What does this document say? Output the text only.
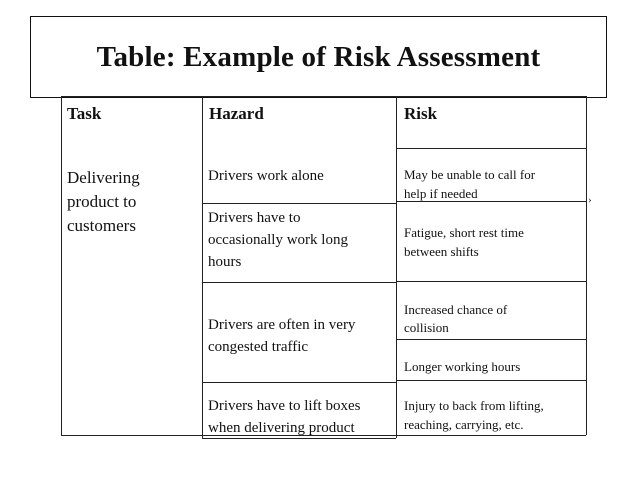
Table: Example of Risk Assessment
›
Task	Hazard	Risk
Delivering
product to
customers
Drivers work alone
Drivers have to
occasionally work long
hours
Drivers are often in very
congested traffic
Drivers have to lift boxes
when delivering product
May be unable to call for
help if needed
Fatigue, short rest time
between shifts
Increased chance of
collision
Longer working hours
Injury to back from lifting,
reaching, carrying, etc.
